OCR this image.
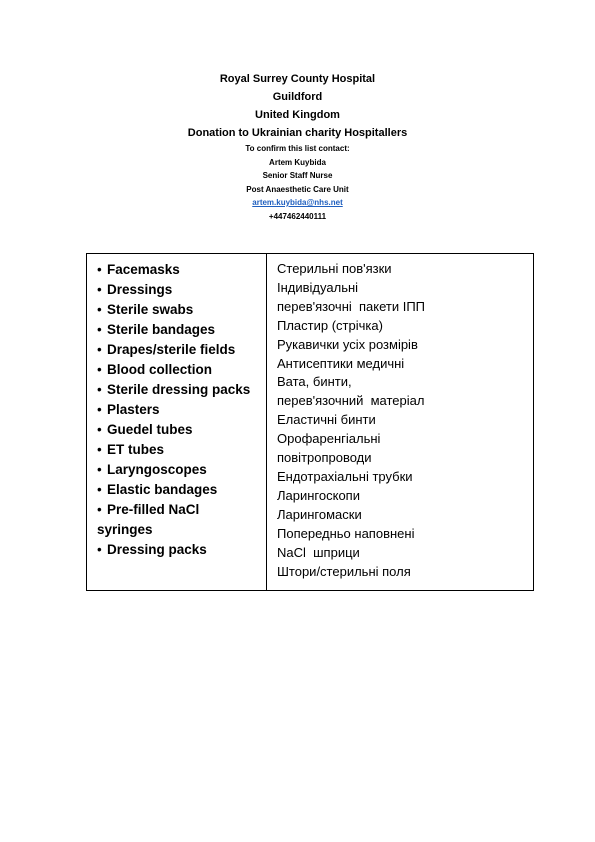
Royal Surrey County Hospital
Guildford
United Kingdom
Donation to Ukrainian charity Hospitallers
To confirm this list contact:
Artem Kuybida
Senior Staff Nurse
Post Anaesthetic Care Unit
artem.kuybida@nhs.net
+447462440111
• Facemasks
• Dressings
• Sterile swabs
• Sterile bandages
• Drapes/sterile fields
• Blood collection
• Sterile dressing packs
• Plasters
• Guedel tubes
• ET tubes
• Laryngoscopes
• Elastic bandages
• Pre-filled NaCl syringes
• Dressing packs
Стерильні пов'язки
Індивідуальні
перев'язочні  пакети ІПП
Пластир (стрічка)
Рукавички усіх розмірів
Антисептики медичні
Вата, бинти,
перев'язочний  матеріал
Еластичні бинти
Орофаренгіальні
повітропроводи
Ендотрахіальні трубки
Ларингоскопи
Ларингомаски
Попередньо наповнені
NaCl  шприци
Штори/стерильні поля
